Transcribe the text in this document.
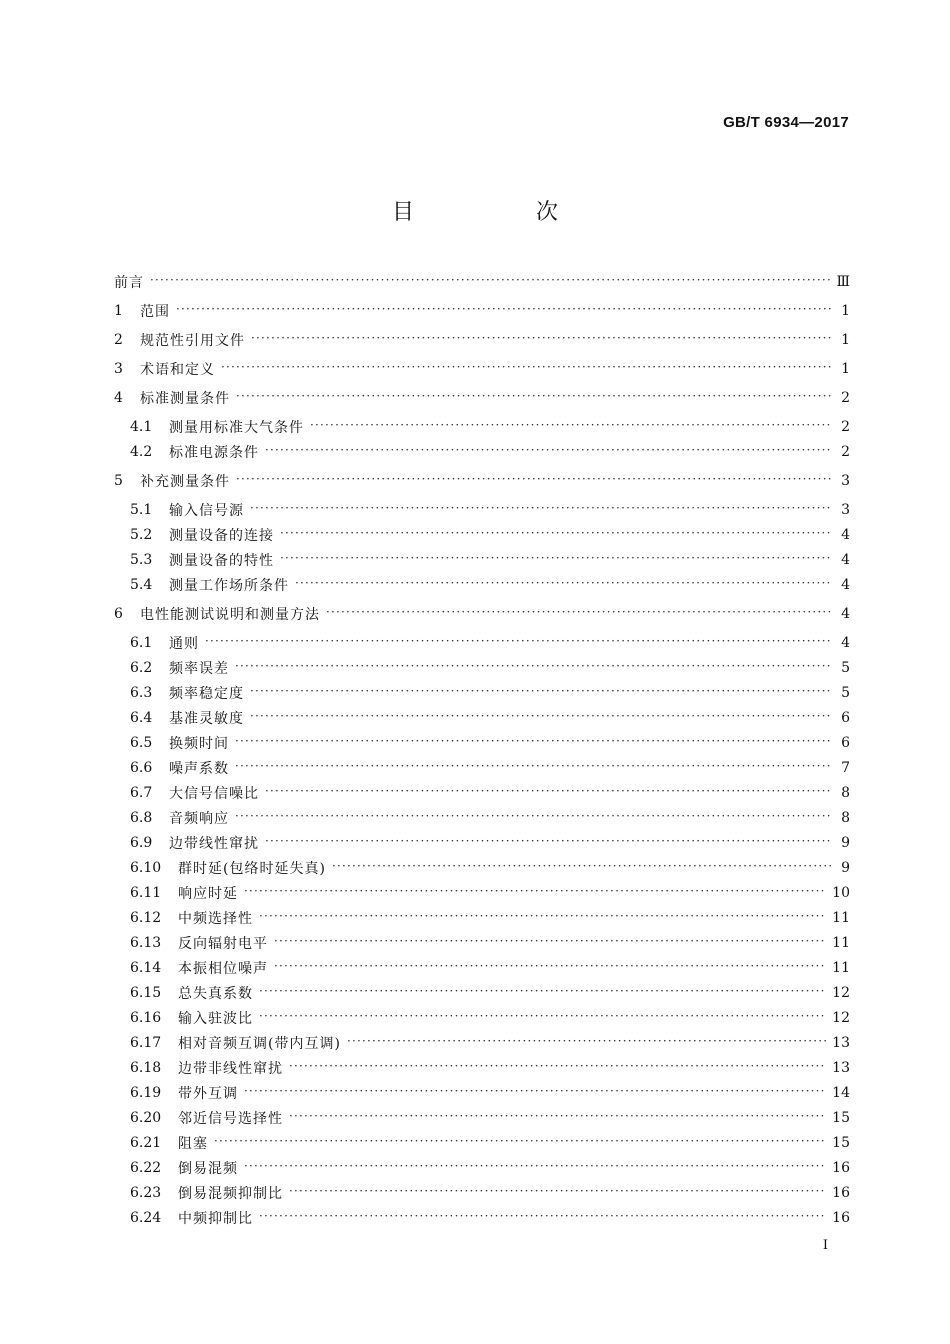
GB/T 6934—2017
目　次
前言 ·····	Ⅲ
1	范围 ·····	1
2	规范性引用文件 ·····	1
3	术语和定义 ·····	1
4	标准测量条件 ·····	2
4.1	测量用标准大气条件 ·····	2
4.2	标准电源条件 ·····	2
5	补充测量条件 ·····	3
5.1	输入信号源 ·····	3
5.2	测量设备的连接 ·····	4
5.3	测量设备的特性 ·····	4
5.4	测量工作场所条件 ·····	4
6	电性能测试说明和测量方法 ·····	4
6.1	通则 ·····	4
6.2	频率误差 ·····	5
6.3	频率稳定度 ·····	5
6.4	基准灵敏度 ·····	6
6.5	换频时间 ·····	6
6.6	噪声系数 ·····	7
6.7	大信号信噪比 ·····	8
6.8	音频响应 ·····	8
6.9	边带线性窜扰 ·····	9
6.10	群时延(包络时延失真) ·····	9
6.11	响应时延 ·····	10
6.12	中频选择性 ·····	11
6.13	反向辐射电平 ·····	11
6.14	本振相位噪声 ·····	11
6.15	总失真系数 ·····	12
6.16	输入驻波比 ·····	12
6.17	相对音频互调(带内互调) ·····	13
6.18	边带非线性窜扰 ·····	13
6.19	带外互调 ·····	14
6.20	邻近信号选择性 ·····	15
6.21	阻塞 ·····	15
6.22	倒易混频 ·····	16
6.23	倒易混频抑制比 ·····	16
6.24	中频抑制比 ·····	16
I
